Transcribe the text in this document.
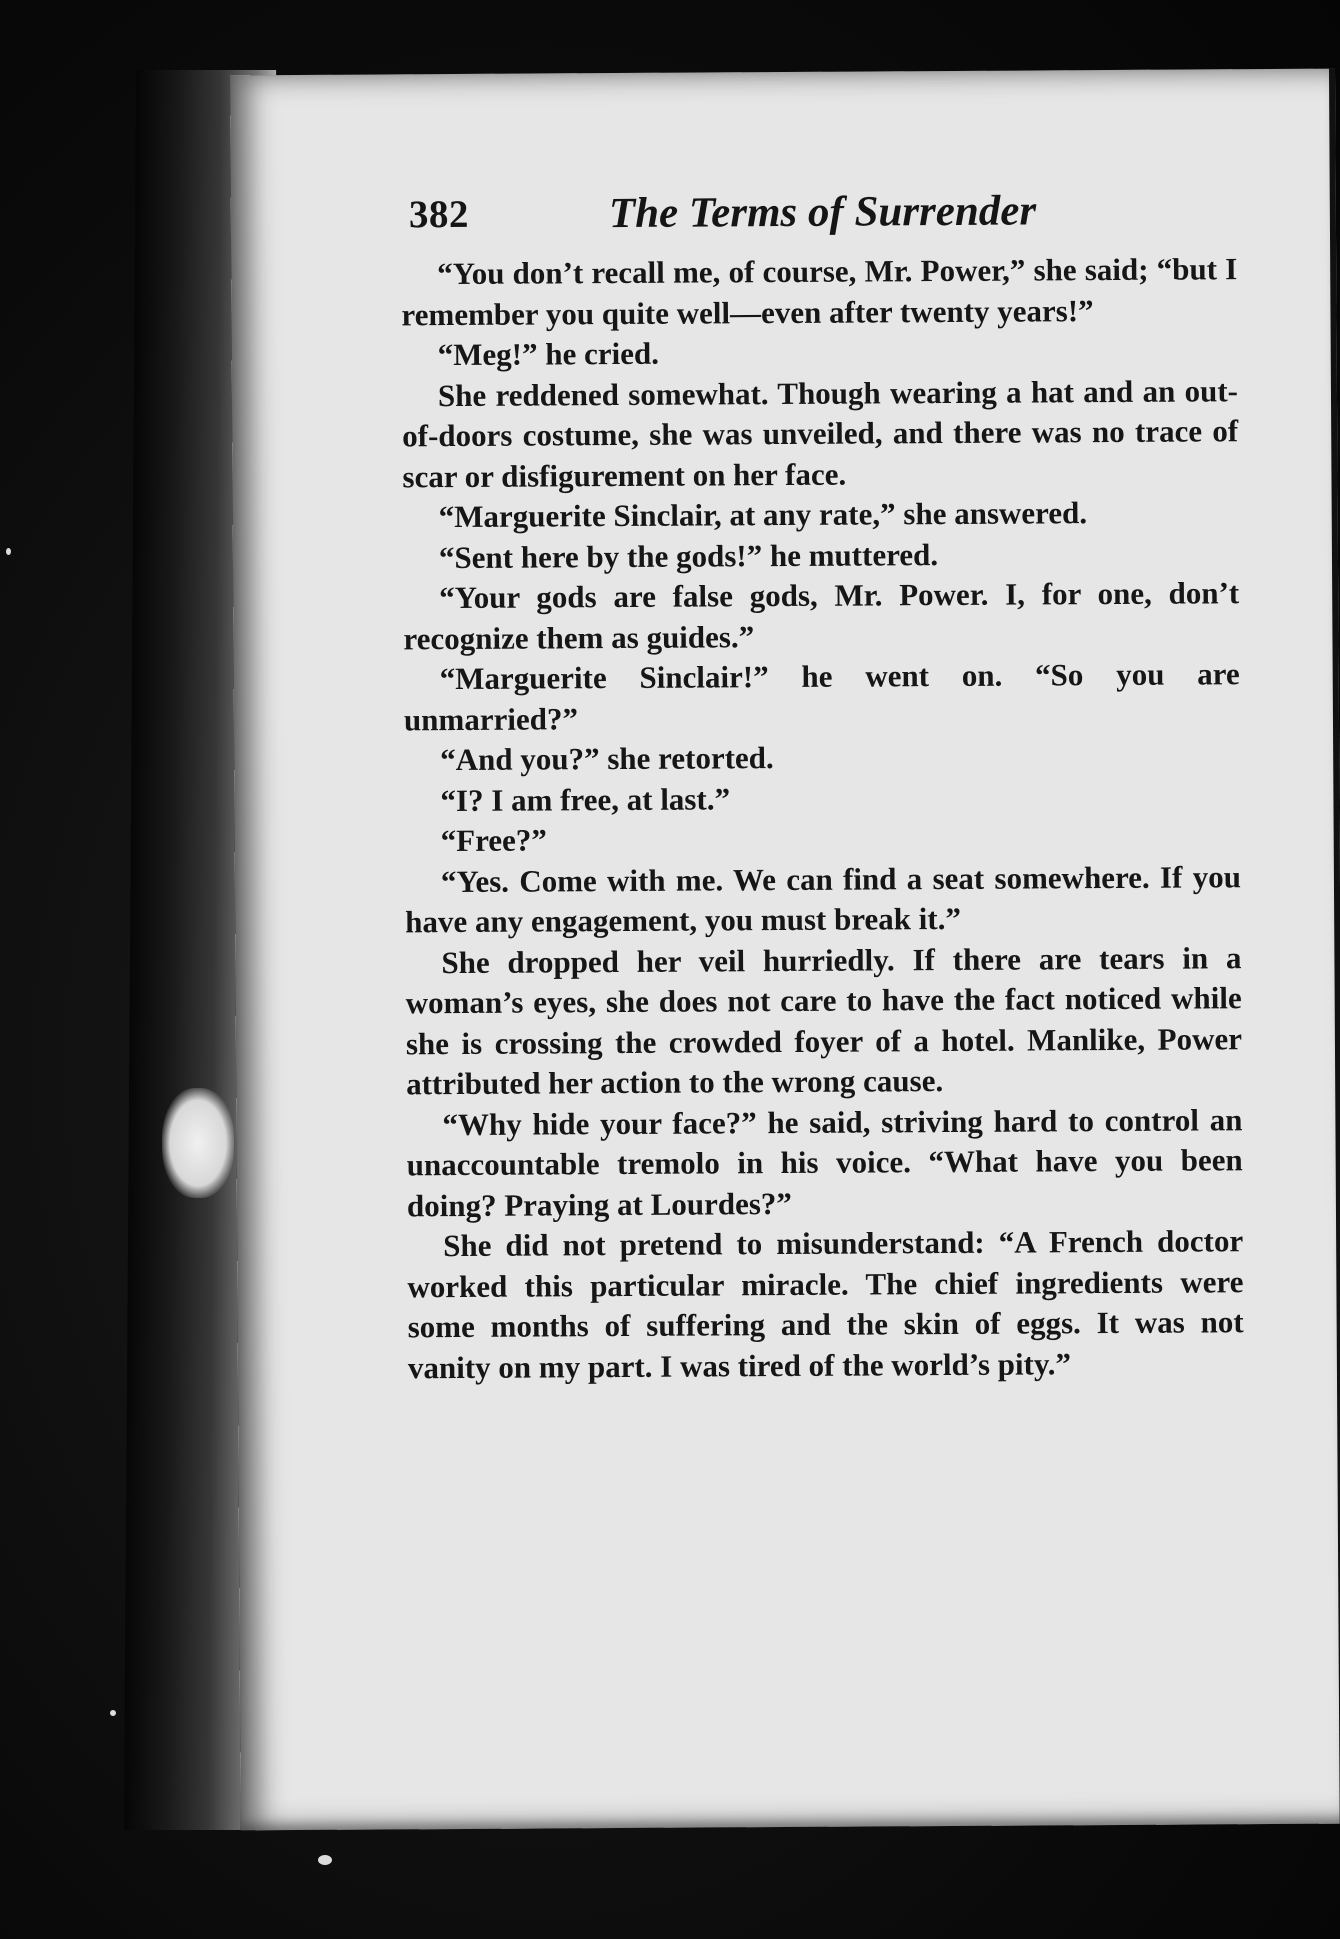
382	The Terms of Surrender

“You don’t recall me, of course, Mr. Power,” she said; “but I remember you quite well—even after twenty years!”

“Meg!” he cried.

She reddened somewhat. Though wearing a hat and an out-of-doors costume, she was unveiled, and there was no trace of scar or disfigurement on her face.

“Marguerite Sinclair, at any rate,” she answered.

“Sent here by the gods!” he muttered.

“Your gods are false gods, Mr. Power. I, for one, don’t recognize them as guides.”

“Marguerite Sinclair!” he went on. “So you are unmarried?”

“And you?” she retorted.

“I? I am free, at last.”

“Free?”

“Yes. Come with me. We can find a seat somewhere. If you have any engagement, you must break it.”

She dropped her veil hurriedly. If there are tears in a woman’s eyes, she does not care to have the fact noticed while she is crossing the crowded foyer of a hotel. Manlike, Power attributed her action to the wrong cause.

“Why hide your face?” he said, striving hard to control an unaccountable tremolo in his voice. “What have you been doing? Praying at Lourdes?”

She did not pretend to misunderstand: “A French doctor worked this particular miracle. The chief ingredients were some months of suffering and the skin of eggs. It was not vanity on my part. I was tired of the world’s pity.”
